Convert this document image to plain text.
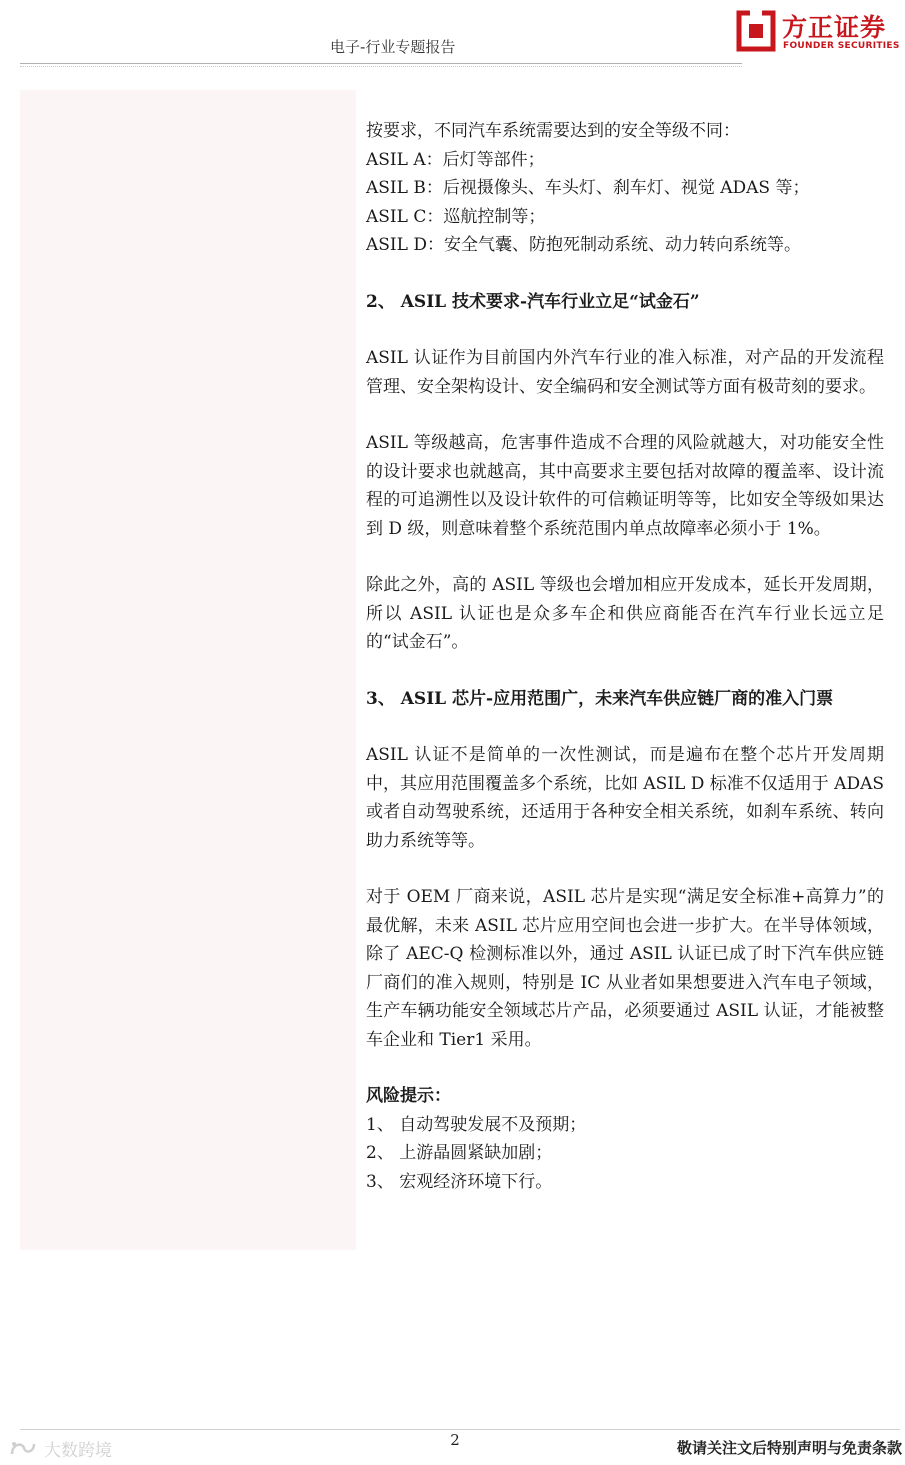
电子-行业专题报告
方正证券
FOUNDER SECURITIES

按要求，不同汽车系统需要达到的安全等级不同：

ASIL A：后灯等部件；

ASIL B：后视摄像头、车头灯、刹车灯、视觉 ADAS 等；

ASIL C：巡航控制等；

ASIL D：安全气囊、防抱死制动系统、动力转向系统等。

2、 ASIL 技术要求-汽车行业立足“试金石”

ASIL 认证作为目前国内外汽车行业的准入标准，对产品的开发流程管理、安全架构设计、安全编码和安全测试等方面有极苛刻的要求。

ASIL 等级越高，危害事件造成不合理的风险就越大，对功能安全性的设计要求也就越高，其中高要求主要包括对故障的覆盖率、设计流程的可追溯性以及设计软件的可信赖证明等等，比如安全等级如果达到 D 级，则意味着整个系统范围内单点故障率必须小于 1%。

除此之外，高的 ASIL 等级也会增加相应开发成本，延长开发周期，所以 ASIL 认证也是众多车企和供应商能否在汽车行业长远立足的“试金石”。

3、 ASIL 芯片-应用范围广，未来汽车供应链厂商的准入门票

ASIL 认证不是简单的一次性测试，而是遍布在整个芯片开发周期中，其应用范围覆盖多个系统，比如 ASIL D 标准不仅适用于 ADAS 或者自动驾驶系统，还适用于各种安全相关系统，如刹车系统、转向助力系统等等。

对于 OEM 厂商来说，ASIL 芯片是实现“满足安全标准+高算力”的最优解，未来 ASIL 芯片应用空间也会进一步扩大。在半导体领域，除了 AEC-Q 检测标准以外，通过 ASIL 认证已成了时下汽车供应链厂商们的准入规则，特别是 IC 从业者如果想要进入汽车电子领域，生产车辆功能安全领域芯片产品，必须要通过 ASIL 认证，才能被整车企业和 Tier1 采用。

风险提示：

1、 自动驾驶发展不及预期；

2、 上游晶圆紧缺加剧；

3、 宏观经济环境下行。

2	敬请关注文后特别声明与免责条款
大数跨境
